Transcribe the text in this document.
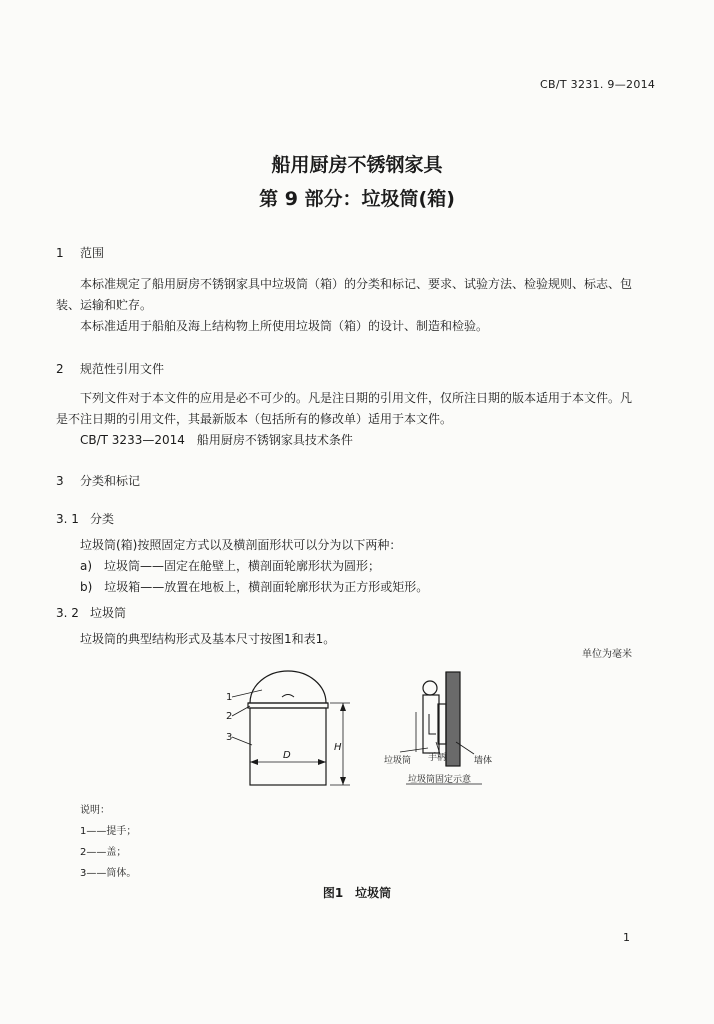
CB/T 3231. 9—2014
船用厨房不锈钢家具
第 9 部分：垃圾筒(箱)
1 范围
本标准规定了船用厨房不锈钢家具中垃圾筒（箱）的分类和标记、要求、试验方法、检验规则、标志、包装、运输和贮存。
本标准适用于船舶及海上结构物上所使用垃圾筒（箱）的设计、制造和检验。
2 规范性引用文件
下列文件对于本文件的应用是必不可少的。凡是注日期的引用文件，仅所注日期的版本适用于本文件。凡是不注日期的引用文件，其最新版本（包括所有的修改单）适用于本文件。
CB/T 3233—2014　船用厨房不锈钢家具技术条件
3 分类和标记
3. 1 分类
垃圾筒(箱)按照固定方式以及横剖面形状可以分为以下两种：
a)　垃圾筒——固定在舱壁上，横剖面轮廓形状为圆形；
b)　垃圾箱——放置在地板上，横剖面轮廓形状为正方形或矩形。
3. 2 垃圾筒
垃圾筒的典型结构形式及基本尺寸按图1和表1。
单位为毫米
1
2
3
D
H
垃圾筒 手柄	墙体
垃圾筒固定示意
说明：
1——提手；
2——盖；
3——筒体。
图1　垃圾筒
1
